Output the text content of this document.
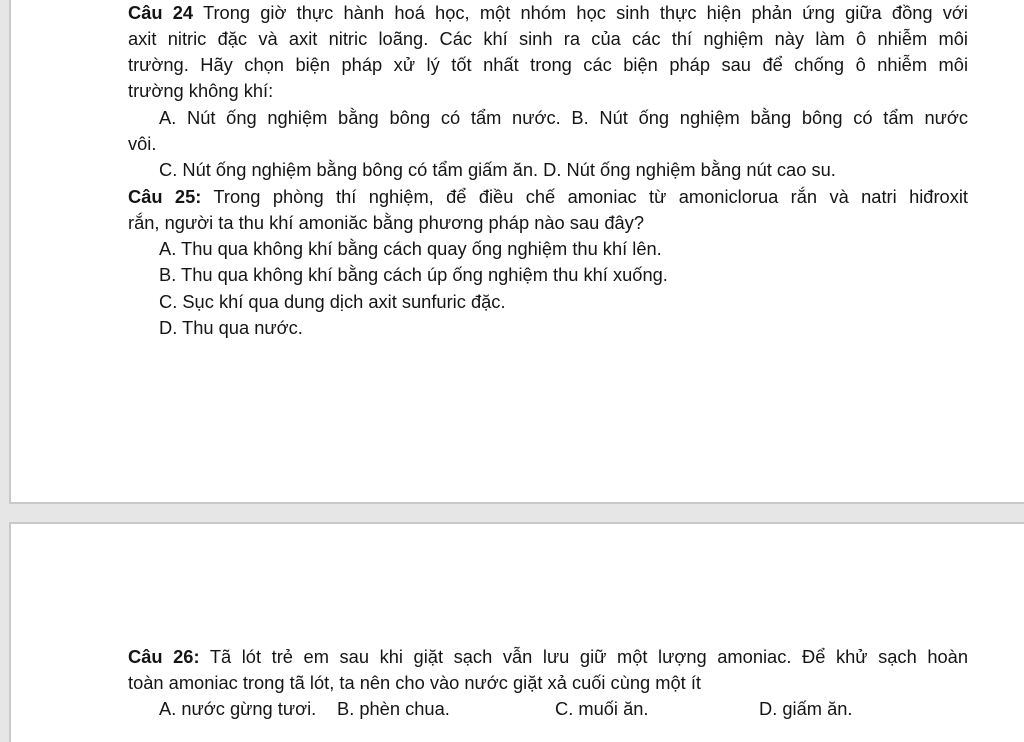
Câu 24 Trong giờ thực hành hoá học, một nhóm học sinh thực hiện phản ứng giữa đồng với
axit nitric đặc và axit nitric loãng. Các khí sinh ra của các thí nghiệm này làm ô nhiễm môi
trường. Hãy chọn biện pháp xử lý tốt nhất trong các biện pháp sau để chống ô nhiễm môi
trường không khí:
A. Nút ống nghiệm bằng bông có tẩm nước. B. Nút ống nghiệm bằng bông có tẩm nước
vôi.
C. Nút ống nghiệm bằng bông có tẩm giấm ăn. D. Nút ống nghiệm bằng nút cao su.
Câu 25: Trong phòng thí nghiệm, để điều chế amoniac từ amoniclorua rắn và natri hiđroxit
rắn, người ta thu khí amoniăc bằng phương pháp nào sau đây?
A. Thu qua không khí bằng cách quay ống nghiệm thu khí lên.
B. Thu qua không khí bằng cách úp ống nghiệm thu khí xuống.
C. Sục khí qua dung dịch axit sunfuric đặc.
D. Thu qua nước.
Câu 26: Tã lót trẻ em sau khi giặt sạch vẫn lưu giữ một lượng amoniac. Để khử sạch hoàn
toàn amoniac trong tã lót, ta nên cho vào nước giặt xả cuối cùng một ít
A. nước gừng tươi. B. phèn chua.	C. muối ăn.	D. giấm ăn.
